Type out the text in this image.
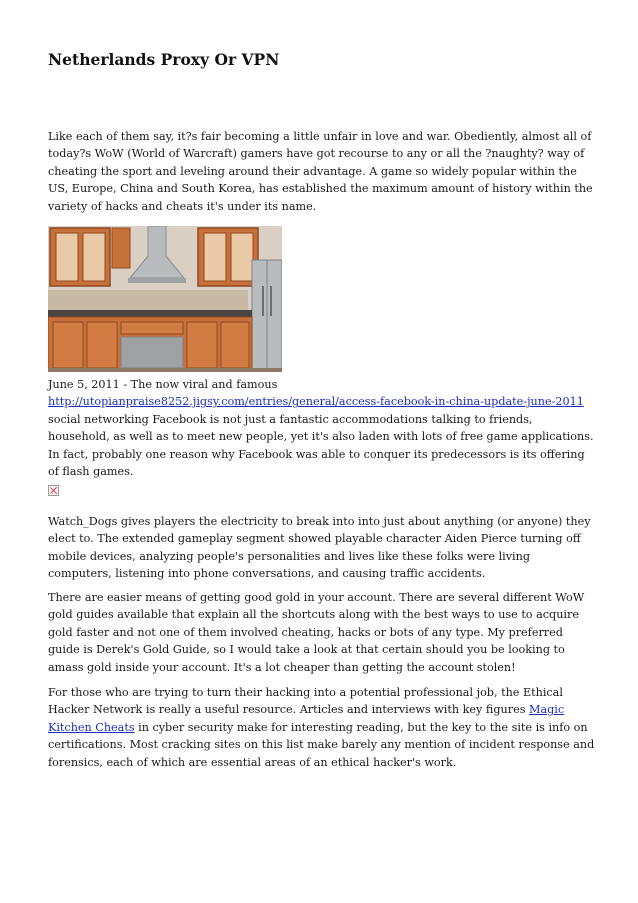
Netherlands Proxy Or VPN

Like each of them say, it?s fair becoming a little unfair in love and war. Obediently, almost all of today?s WoW (World of Warcraft) gamers have got recourse to any or all the ?naughty? way of cheating the sport and leveling around their advantage. A game so widely popular within the US, Europe, China and South Korea, has established the maximum amount of history within the variety of hacks and cheats it's under its name.

June 5, 2011 - The now viral and famous http://utopianpraise8252.jigsy.com/entries/general/access-facebook-in-china-update-june-2011 social networking Facebook is not just a fantastic accommodations talking to friends, household, as well as to meet new people, yet it's also laden with lots of free game applications. In fact, probably one reason why Facebook was able to conquer its predecessors is its offering of flash games.

Watch_Dogs gives players the electricity to break into into just about anything (or anyone) they elect to. The extended gameplay segment showed playable character Aiden Pierce turning off mobile devices, analyzing people's personalities and lives like these folks were living computers, listening into phone conversations, and causing traffic accidents.

There are easier means of getting good gold in your account. There are several different WoW gold guides available that explain all the shortcuts along with the best ways to use to acquire gold faster and not one of them involved cheating, hacks or bots of any type. My preferred guide is Derek's Gold Guide, so I would take a look at that certain should you be looking to amass gold inside your account. It's a lot cheaper than getting the account stolen!

For those who are trying to turn their hacking into a potential professional job, the Ethical Hacker Network is really a useful resource. Articles and interviews with key figures Magic Kitchen Cheats in cyber security make for interesting reading, but the key to the site is info on certifications. Most cracking sites on this list make barely any mention of incident response and forensics, each of which are essential areas of an ethical hacker's work.
